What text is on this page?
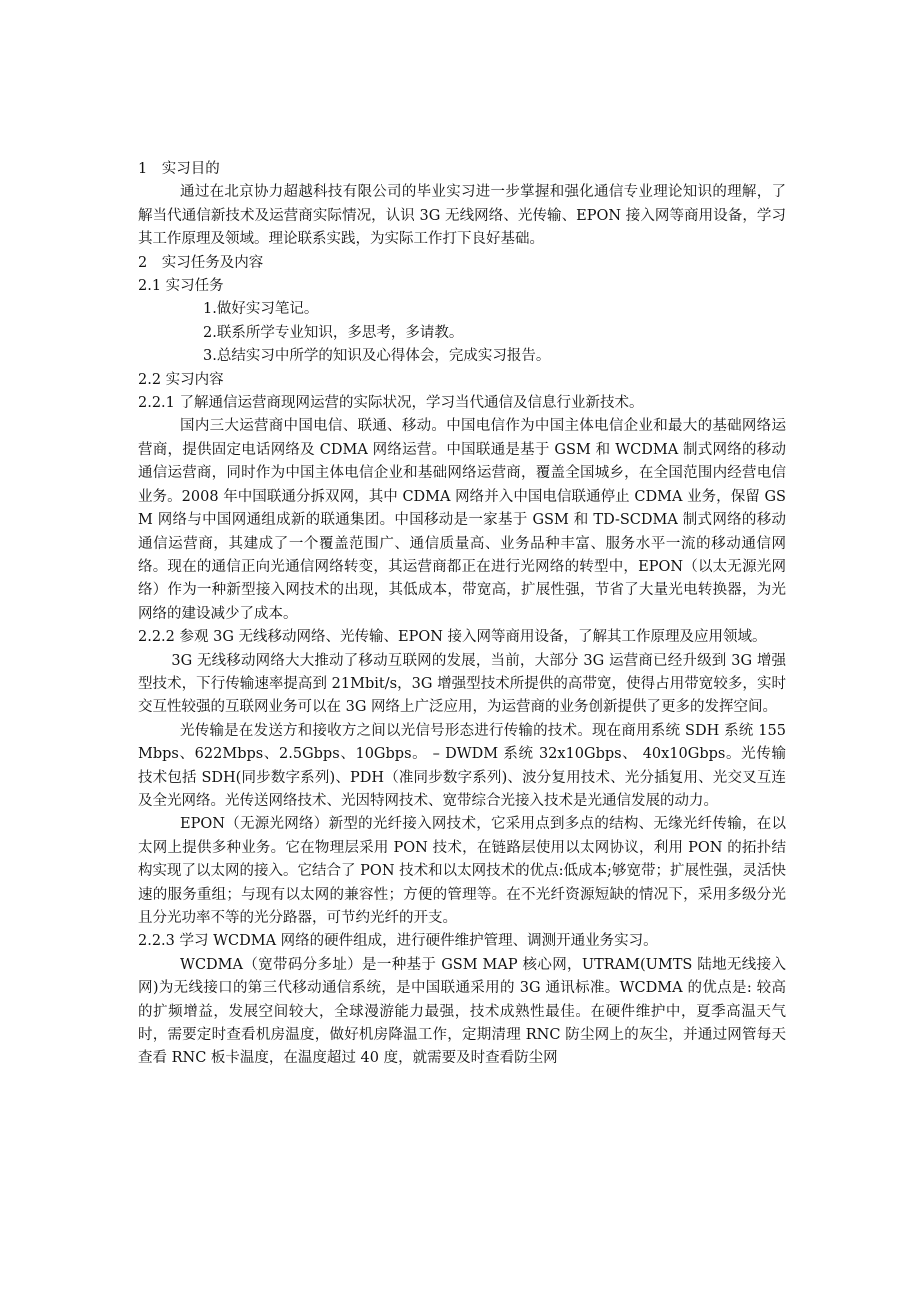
1　实习目的

通过在北京协力超越科技有限公司的毕业实习进一步掌握和强化通信专业理论知识的理解，了解当代通信新技术及运营商实际情况，认识 3G 无线网络、光传输、EPON 接入网等商用设备，学习其工作原理及领域。理论联系实践，为实际工作打下良好基础。

2　实习任务及内容

2.1 实习任务

1.做好实习笔记。

2.联系所学专业知识，多思考，多请教。

3.总结实习中所学的知识及心得体会，完成实习报告。

2.2 实习内容

2.2.1 了解通信运营商现网运营的实际状况，学习当代通信及信息行业新技术。

国内三大运营商中国电信、联通、移动。中国电信作为中国主体电信企业和最大的基础网络运营商，提供固定电话网络及 CDMA 网络运营。中国联通是基于 GSM 和 WCDMA 制式网络的移动通信运营商，同时作为中国主体电信企业和基础网络运营商，覆盖全国城乡，在全国范围内经营电信业务。2008 年中国联通分拆双网，其中 CDMA 网络并入中国电信联通停止 CDMA 业务，保留 GSM 网络与中国网通组成新的联通集团。中国移动是一家基于 GSM 和 TD-SCDMA 制式网络的移动通信运营商，其建成了一个覆盖范围广、通信质量高、业务品种丰富、服务水平一流的移动通信网络。现在的通信正向光通信网络转变，其运营商都正在进行光网络的转型中，EPON（以太无源光网络）作为一种新型接入网技术的出现，其低成本，带宽高，扩展性强，节省了大量光电转换器，为光网络的建设减少了成本。

2.2.2 参观 3G 无线移动网络、光传输、EPON 接入网等商用设备，了解其工作原理及应用领域。

3G 无线移动网络大大推动了移动互联网的发展，当前，大部分 3G 运营商已经升级到 3G 增强型技术，下行传输速率提高到 21Mbit/s，3G 增强型技术所提供的高带宽，使得占用带宽较多，实时交互性较强的互联网业务可以在 3G 网络上广泛应用，为运营商的业务创新提供了更多的发挥空间。

光传输是在发送方和接收方之间以光信号形态进行传输的技术。现在商用系统 SDH 系统 155Mbps、622Mbps、2.5Gbps、10Gbps。 – DWDM 系统 32x10Gbps、 40x10Gbps。光传输技术包括 SDH(同步数字系列)、PDH（准同步数字系列)、波分复用技术、光分插复用、光交叉互连及全光网络。光传送网络技术、光因特网技术、宽带综合光接入技术是光通信发展的动力。

EPON（无源光网络）新型的光纤接入网技术，它采用点到多点的结构、无缘光纤传输，在以太网上提供多种业务。它在物理层采用 PON 技术，在链路层使用以太网协议，利用 PON 的拓扑结构实现了以太网的接入。它结合了 PON 技术和以太网技术的优点:低成本;够宽带；扩展性强，灵活快速的服务重组；与现有以太网的兼容性；方便的管理等。在不光纤资源短缺的情况下，采用多级分光且分光功率不等的光分路器，可节约光纤的开支。

2.2.3 学习 WCDMA 网络的硬件组成，进行硬件维护管理、调测开通业务实习。

WCDMA（宽带码分多址）是一种基于 GSM MAP 核心网，UTRAM(UMTS 陆地无线接入网)为无线接口的第三代移动通信系统，是中国联通采用的 3G 通讯标准。WCDMA 的优点是: 较高的扩频增益，发展空间较大，全球漫游能力最强，技术成熟性最佳。在硬件维护中，夏季高温天气时，需要定时查看机房温度，做好机房降温工作，定期清理 RNC 防尘网上的灰尘，并通过网管每天查看 RNC 板卡温度，在温度超过 40 度，就需要及时查看防尘网
